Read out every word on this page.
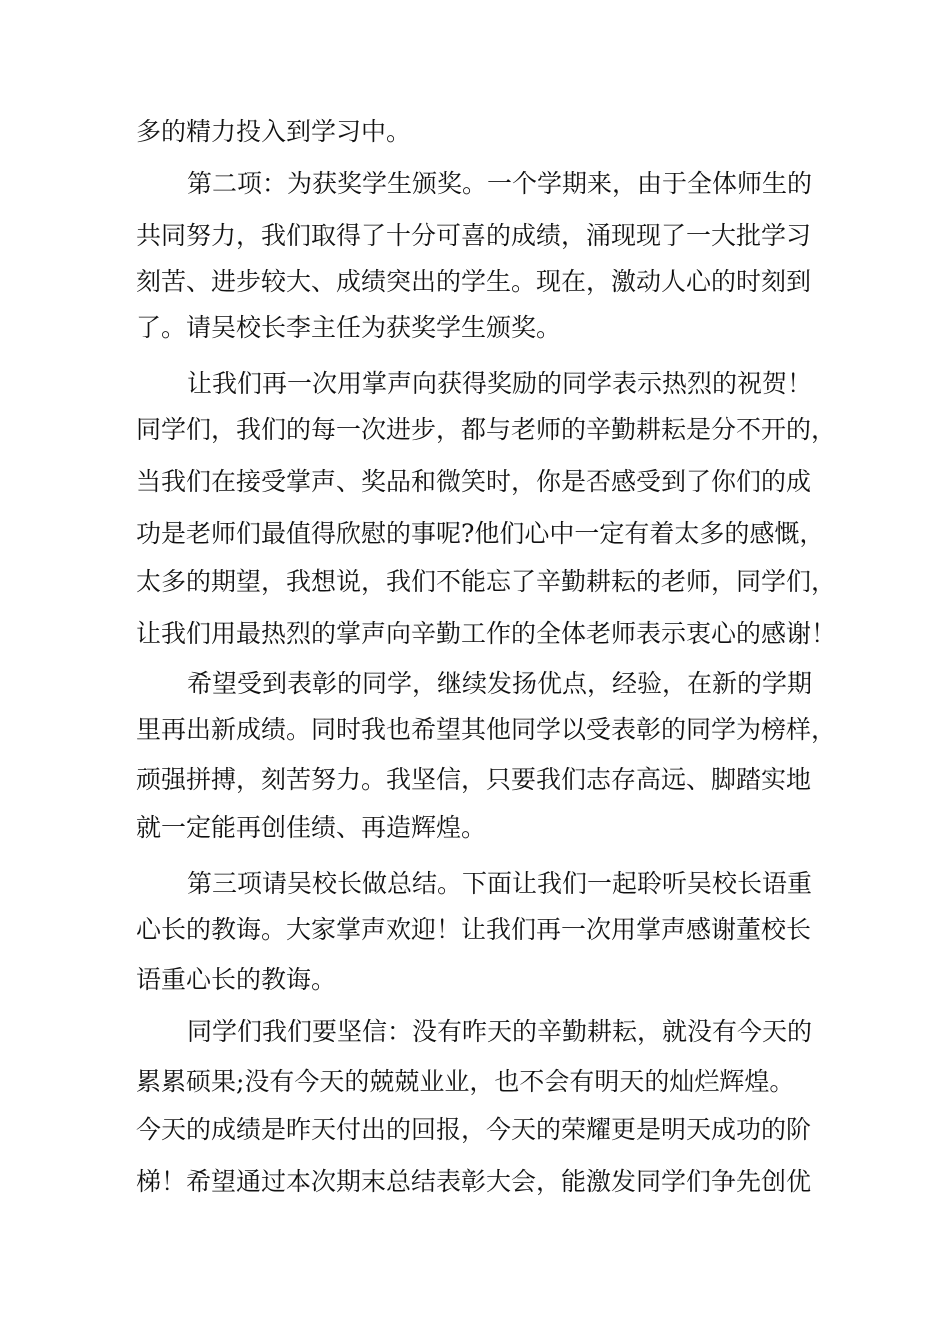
多的精力投入到学习中。
第二项：为获奖学生颁奖。一个学期来，由于全体师生的
共同努力，我们取得了十分可喜的成绩，涌现现了一大批学习
刻苦、进步较大、成绩突出的学生。现在，激动人心的时刻到
了。请吴校长李主任为获奖学生颁奖。
让我们再一次用掌声向获得奖励的同学表示热烈的祝贺！
同学们，我们的每一次进步，都与老师的辛勤耕耘是分不开的，
当我们在接受掌声、奖品和微笑时，你是否感受到了你们的成
功是老师们最值得欣慰的事呢?他们心中一定有着太多的感慨，
太多的期望，我想说，我们不能忘了辛勤耕耘的老师，同学们，
让我们用最热烈的掌声向辛勤工作的全体老师表示衷心的感谢！
希望受到表彰的同学，继续发扬优点，经验，在新的学期
里再出新成绩。同时我也希望其他同学以受表彰的同学为榜样，
顽强拼搏，刻苦努力。我坚信，只要我们志存高远、脚踏实地
就一定能再创佳绩、再造辉煌。
第三项请吴校长做总结。下面让我们一起聆听吴校长语重
心长的教诲。大家掌声欢迎！让我们再一次用掌声感谢董校长
语重心长的教诲。
同学们我们要坚信：没有昨天的辛勤耕耘，就没有今天的
累累硕果;没有今天的兢兢业业，也不会有明天的灿烂辉煌。
今天的成绩是昨天付出的回报，今天的荣耀更是明天成功的阶
梯！希望通过本次期末总结表彰大会，能激发同学们争先创优
